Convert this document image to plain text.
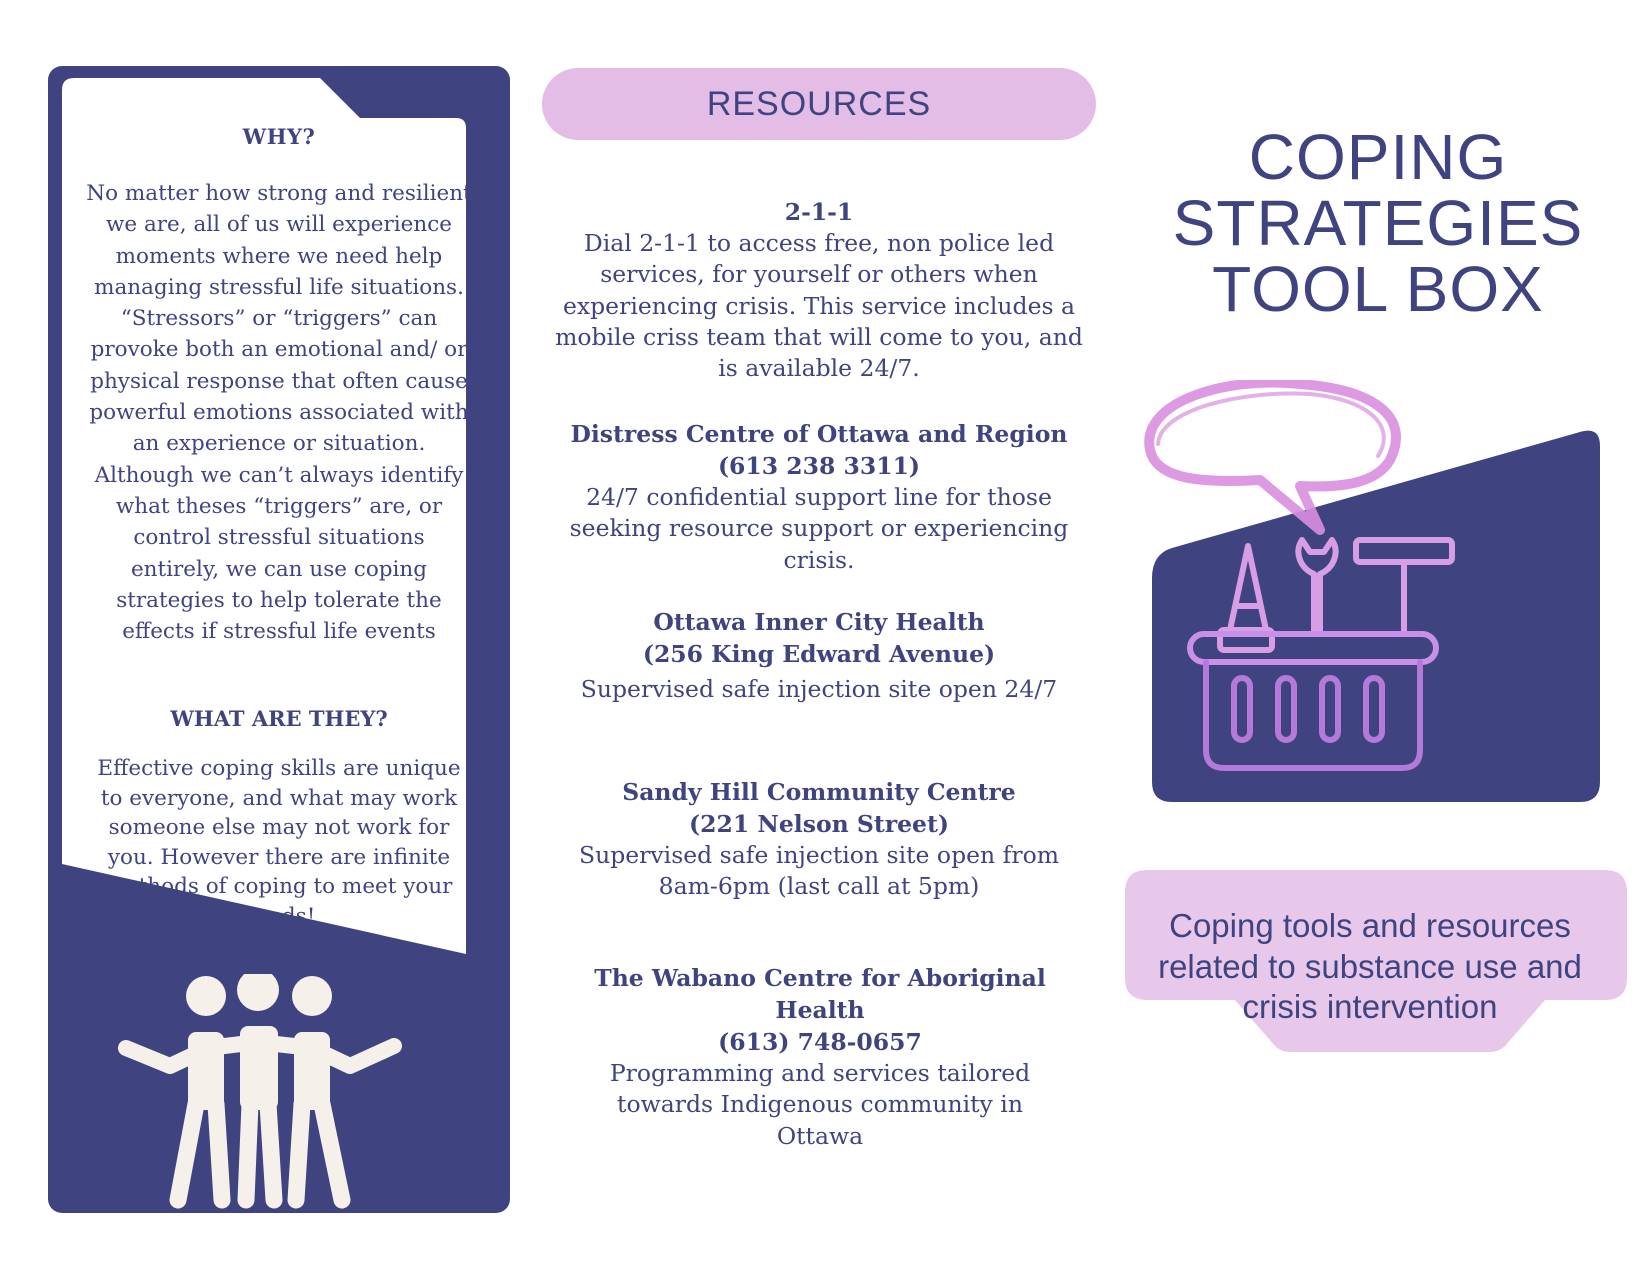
WHY?
No matter how strong and resilient we are, all of us will experience moments where we need help managing stressful life situations. “Stressors” or “triggers” can provoke both an emotional and/ or physical response that often cause powerful emotions associated with an experience or situation. Although we can’t always identify what theses “triggers” are, or control stressful situations entirely, we can use coping strategies to help tolerate the effects if stressful life events
WHAT ARE THEY?
Effective coping skills are unique to everyone, and what may work someone else may not work for you. However there are infinite methods of coping to meet your needs!
RESOURCES
2-1-1
Dial 2-1-1 to access free, non police led services, for yourself or others when experiencing crisis. This service includes a mobile criss team that will come to you, and is available 24/7.
Distress Centre of Ottawa and Region
(613 238 3311)
24/7 confidential support line for those seeking resource support or experiencing crisis.
Ottawa Inner City Health
(256 King Edward Avenue)
Supervised safe injection site open 24/7
Sandy Hill Community Centre
(221 Nelson Street)
Supervised safe injection site open from 8am-6pm (last call at 5pm)
The Wabano Centre for Aboriginal Health
(613) 748-0657
Programming and services tailored towards Indigenous community in Ottawa
COPING
STRATEGIES
TOOL BOX
Coping tools and resources related to substance use and crisis intervention
